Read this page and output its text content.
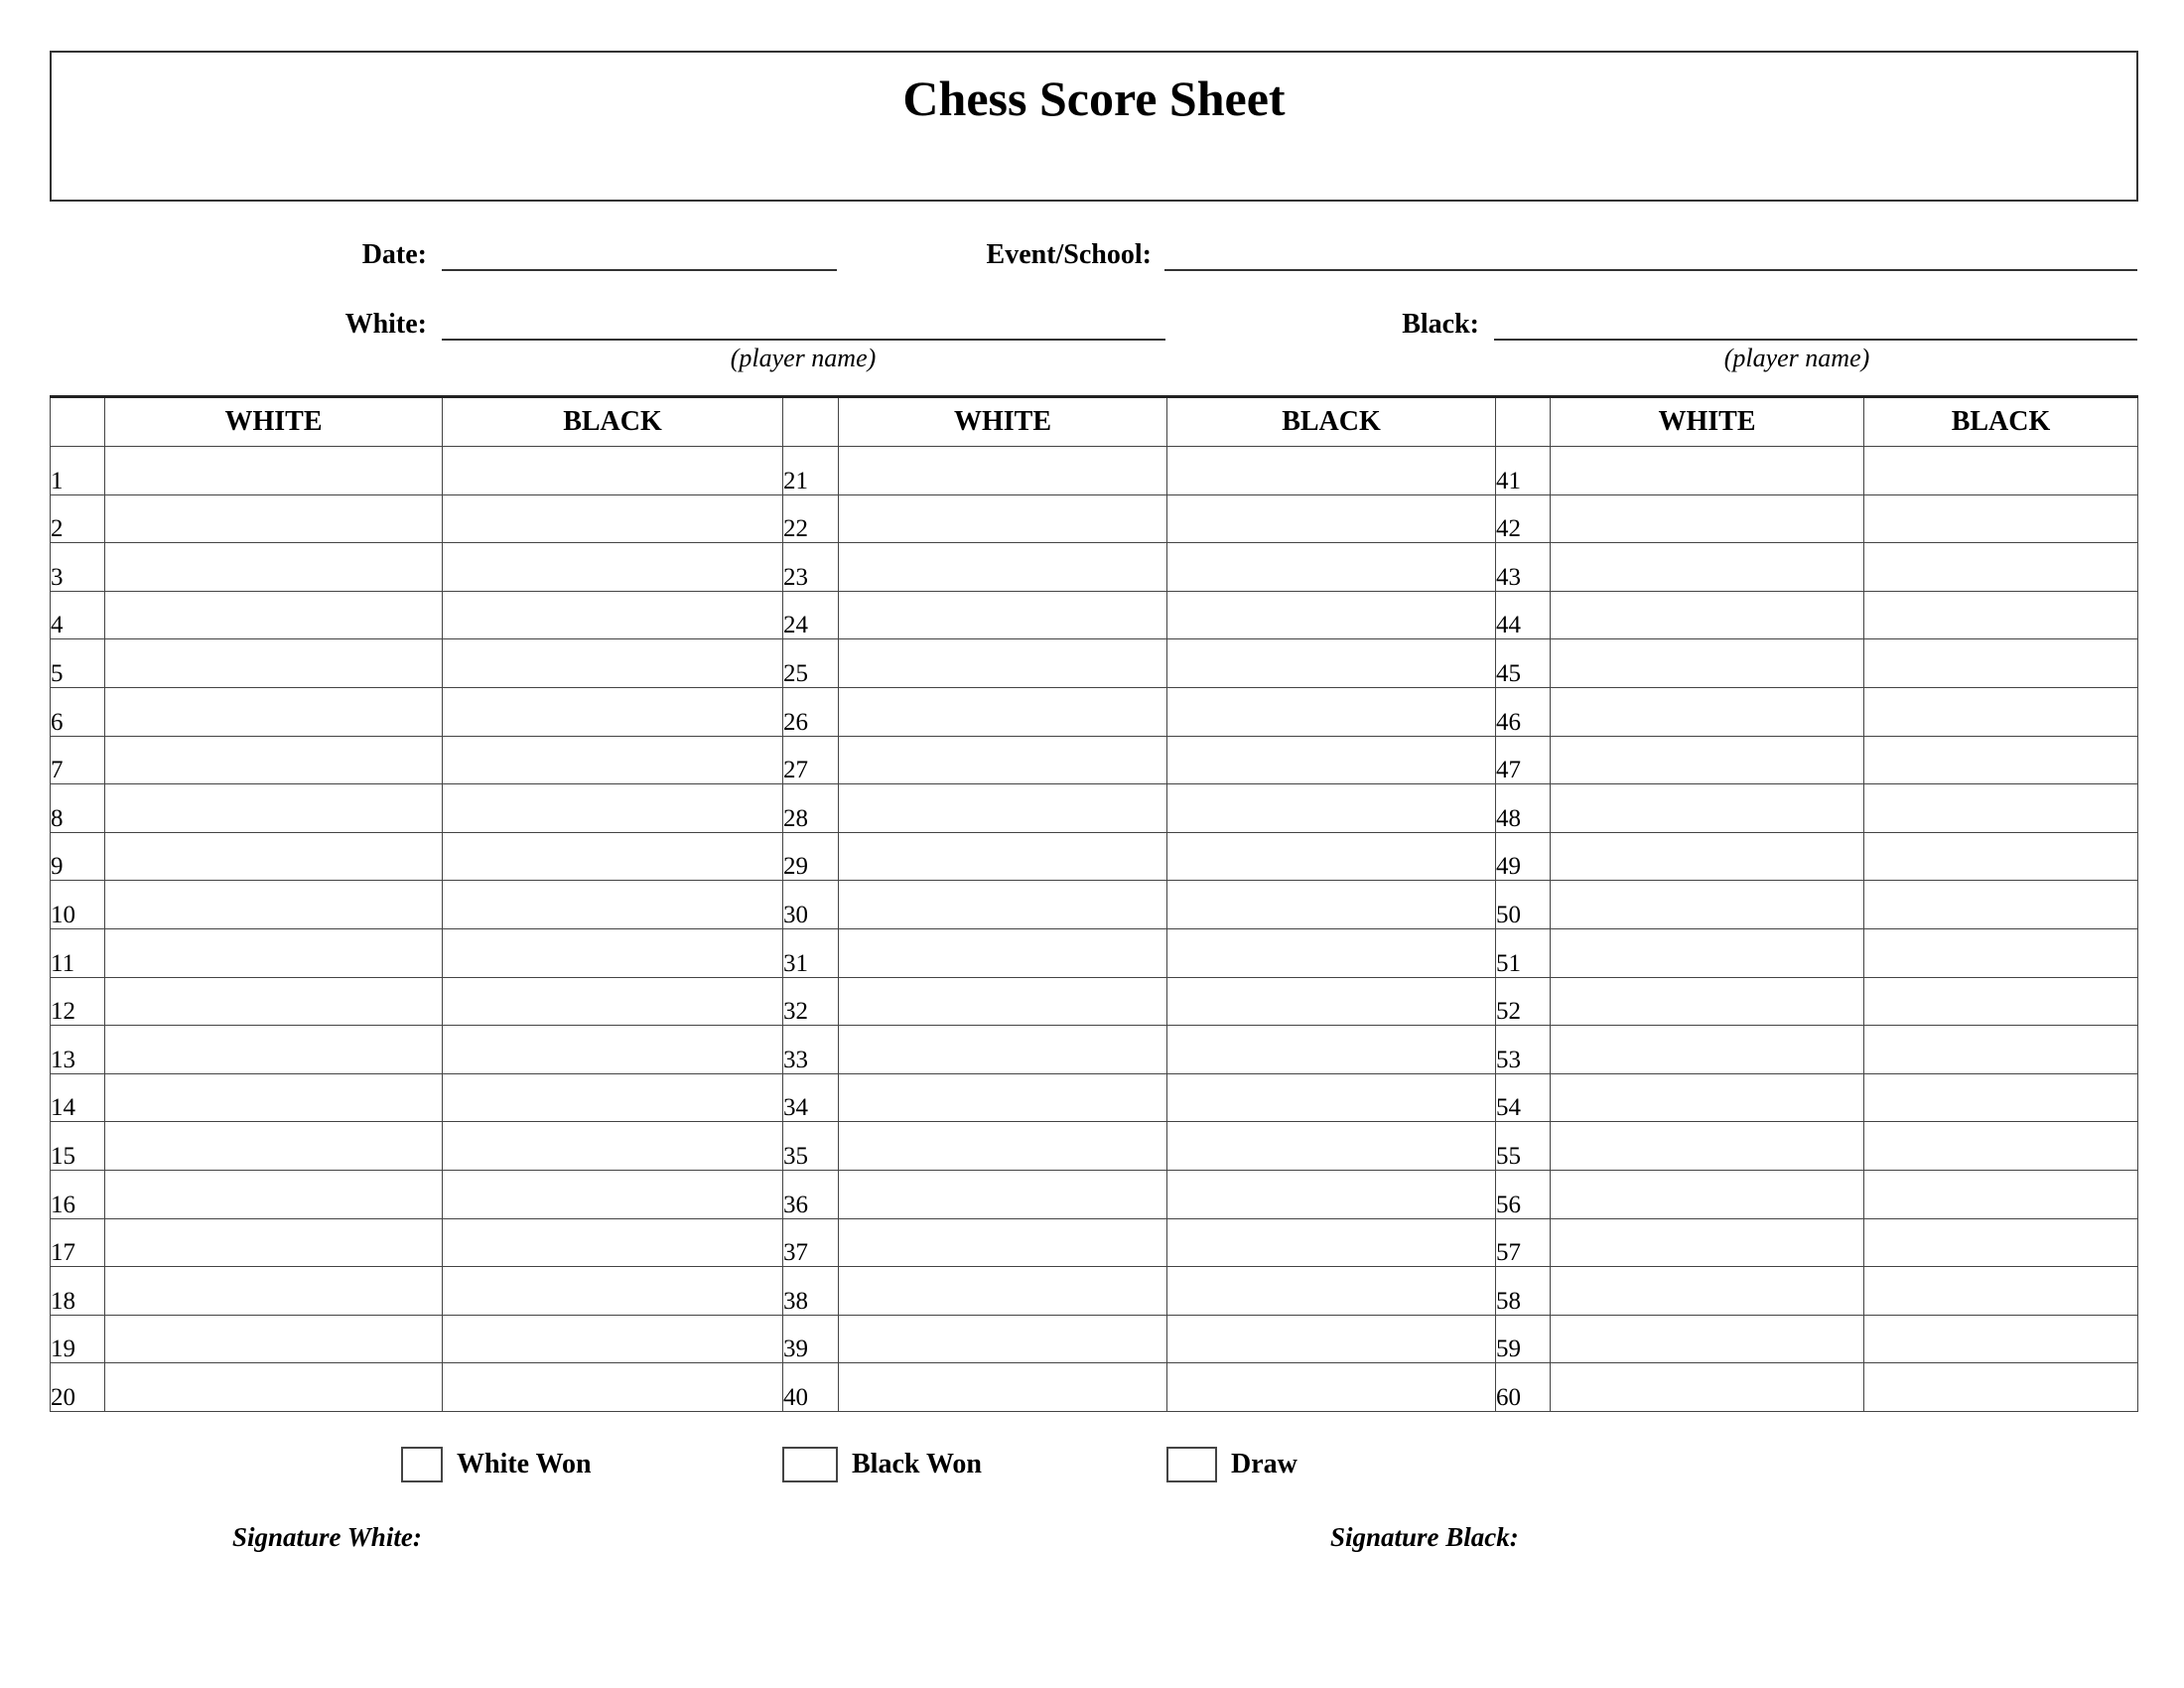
Chess Score Sheet
Date:	Event/School:
White:
(player name)
Black:
(player name)
	WHITE	BLACK		WHITE	BLACK		WHITE	BLACK
1			21			41		
2			22			42		
3			23			43		
4			24			44		
5			25			45		
6			26			46		
7			27			47		
8			28			48		
9			29			49		
10			30			50		
11			31			51		
12			32			52		
13			33			53		
14			34			54		
15			35			55		
16			36			56		
17			37			57		
18			38			58		
19			39			59		
20			40			60		
White Won	Black Won	Draw
Signature White:	Signature Black:
